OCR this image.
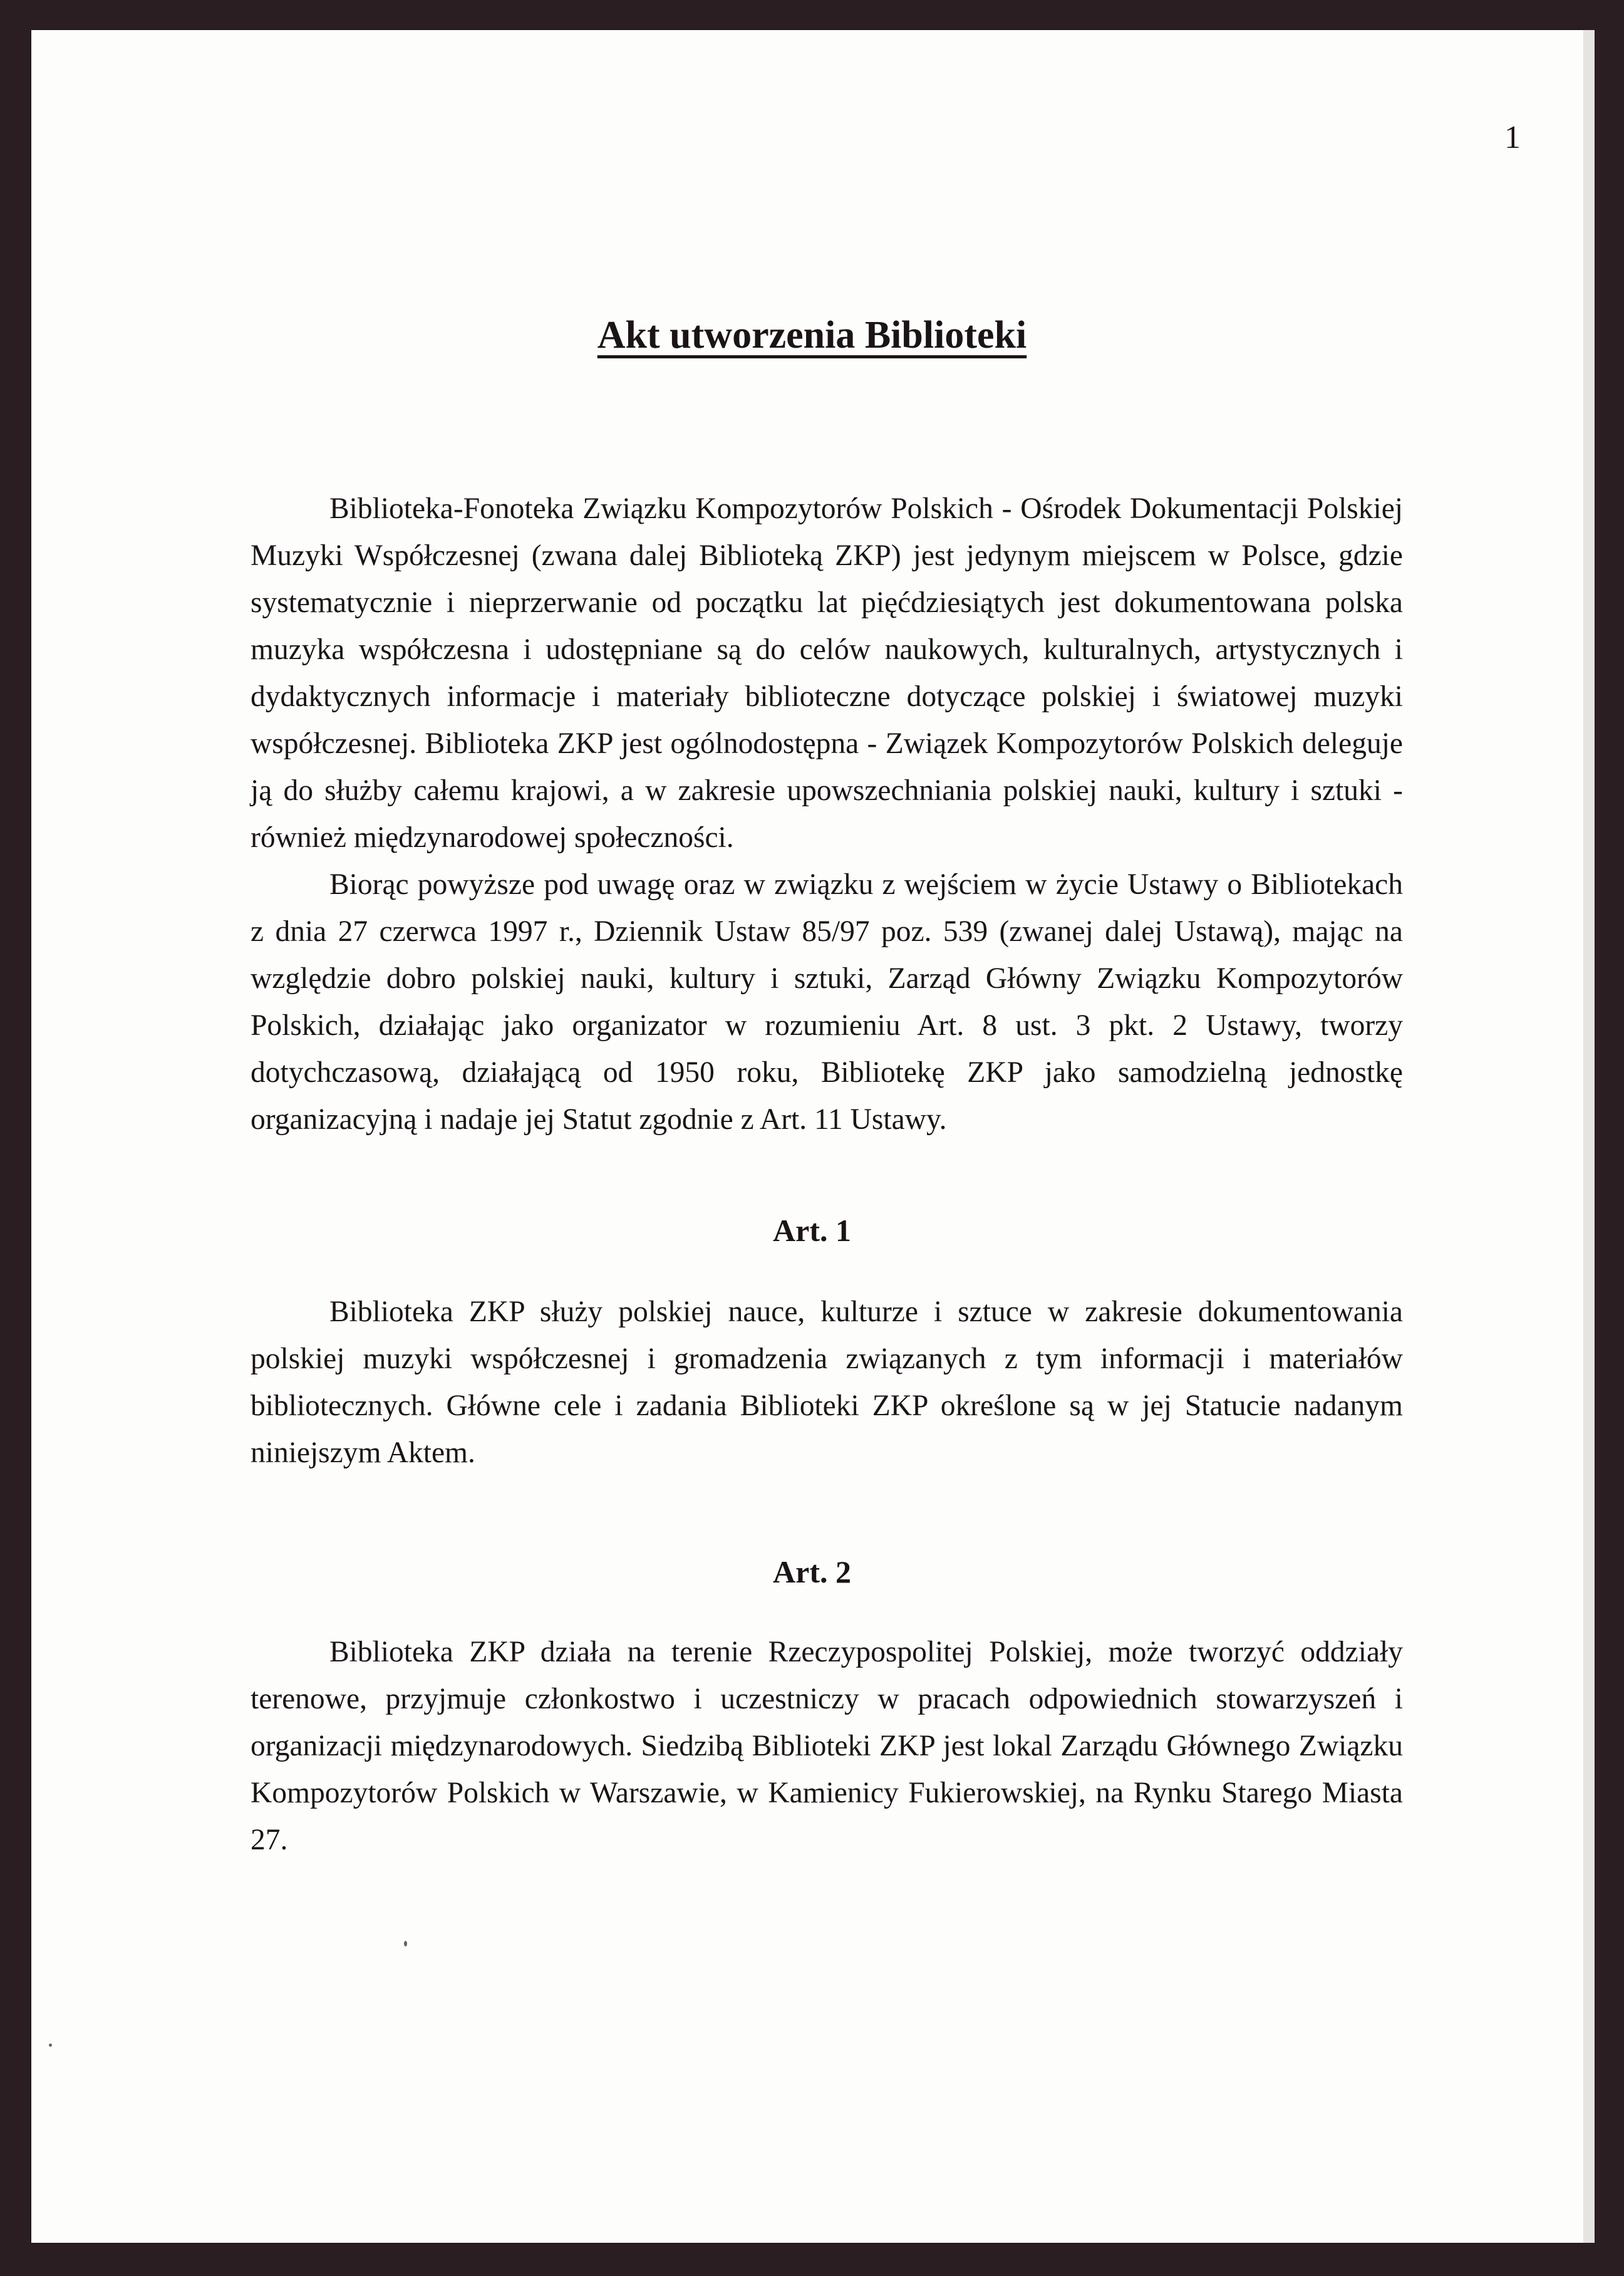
1
Akt utworzenia Biblioteki

Biblioteka-Fonoteka Związku Kompozytorów Polskich - Ośrodek Dokumentacji Polskiej Muzyki Współczesnej (zwana dalej Biblioteką ZKP) jest jedynym miejscem w Polsce, gdzie systematycznie i nieprzerwanie od początku lat pięćdziesiątych jest dokumentowana polska muzyka współczesna i udostępniane są do celów naukowych, kulturalnych, artystycznych i dydaktycznych informacje i materiały biblioteczne dotyczące polskiej i światowej muzyki współczesnej. Biblioteka ZKP jest ogólnodostępna - Związek Kompozytorów Polskich deleguje ją do służby całemu krajowi, a w zakresie upowszechniania polskiej nauki, kultury i sztuki - również międzynarodowej społeczności.

Biorąc powyższe pod uwagę oraz w związku z wejściem w życie Ustawy o Bibliotekach z dnia 27 czerwca 1997 r., Dziennik Ustaw 85/97 poz. 539 (zwanej dalej Ustawą), mając na względzie dobro polskiej nauki, kultury i sztuki, Zarząd Główny Związku Kompozytorów Polskich, działając jako organizator w rozumieniu Art. 8 ust. 3 pkt. 2 Ustawy, tworzy dotychczasową, działającą od 1950 roku, Bibliotekę ZKP jako samodzielną jednostkę organizacyjną i nadaje jej Statut zgodnie z Art. 11 Ustawy.

Art. 1

Biblioteka ZKP służy polskiej nauce, kulturze i sztuce w zakresie dokumentowania polskiej muzyki współczesnej i gromadzenia związanych z tym informacji i materiałów bibliotecznych. Główne cele i zadania Biblioteki ZKP określone są w jej Statucie nadanym niniejszym Aktem.

Art. 2

Biblioteka ZKP działa na terenie Rzeczypospolitej Polskiej, może tworzyć oddziały terenowe, przyjmuje członkostwo i uczestniczy w pracach odpowiednich stowarzyszeń i organizacji międzynarodowych. Siedzibą Biblioteki ZKP jest lokal Zarządu Głównego Związku Kompozytorów Polskich w Warszawie, w Kamienicy Fukierowskiej, na Rynku Starego Miasta 27.
